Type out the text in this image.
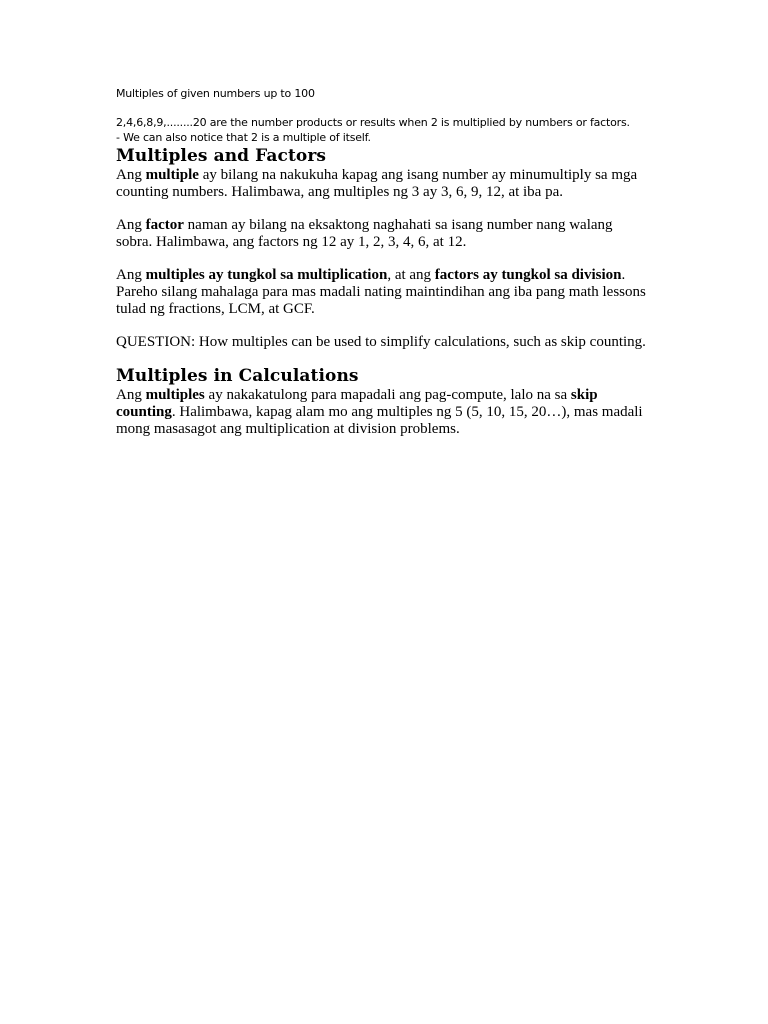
Multiples of given numbers up to 100

2,4,6,8,9,........20 are the number products or results when 2 is multiplied by numbers or factors.

- We can also notice that 2 is a multiple of itself.

Multiples and Factors

Ang multiple ay bilang na nakukuha kapag ang isang number ay minumultiply sa mga counting numbers. Halimbawa, ang multiples ng 3 ay 3, 6, 9, 12, at iba pa.

Ang factor naman ay bilang na eksaktong naghahati sa isang number nang walang sobra. Halimbawa, ang factors ng 12 ay 1, 2, 3, 4, 6, at 12.

Ang multiples ay tungkol sa multiplication, at ang factors ay tungkol sa division. Pareho silang mahalaga para mas madali nating maintindihan ang iba pang math lessons tulad ng fractions, LCM, at GCF.

QUESTION: How multiples can be used to simplify calculations, such as skip counting.

Multiples in Calculations

Ang multiples ay nakakatulong para mapadali ang pag-compute, lalo na sa skip counting. Halimbawa, kapag alam mo ang multiples ng 5 (5, 10, 15, 20…), mas madali mong masasagot ang multiplication at division problems.
